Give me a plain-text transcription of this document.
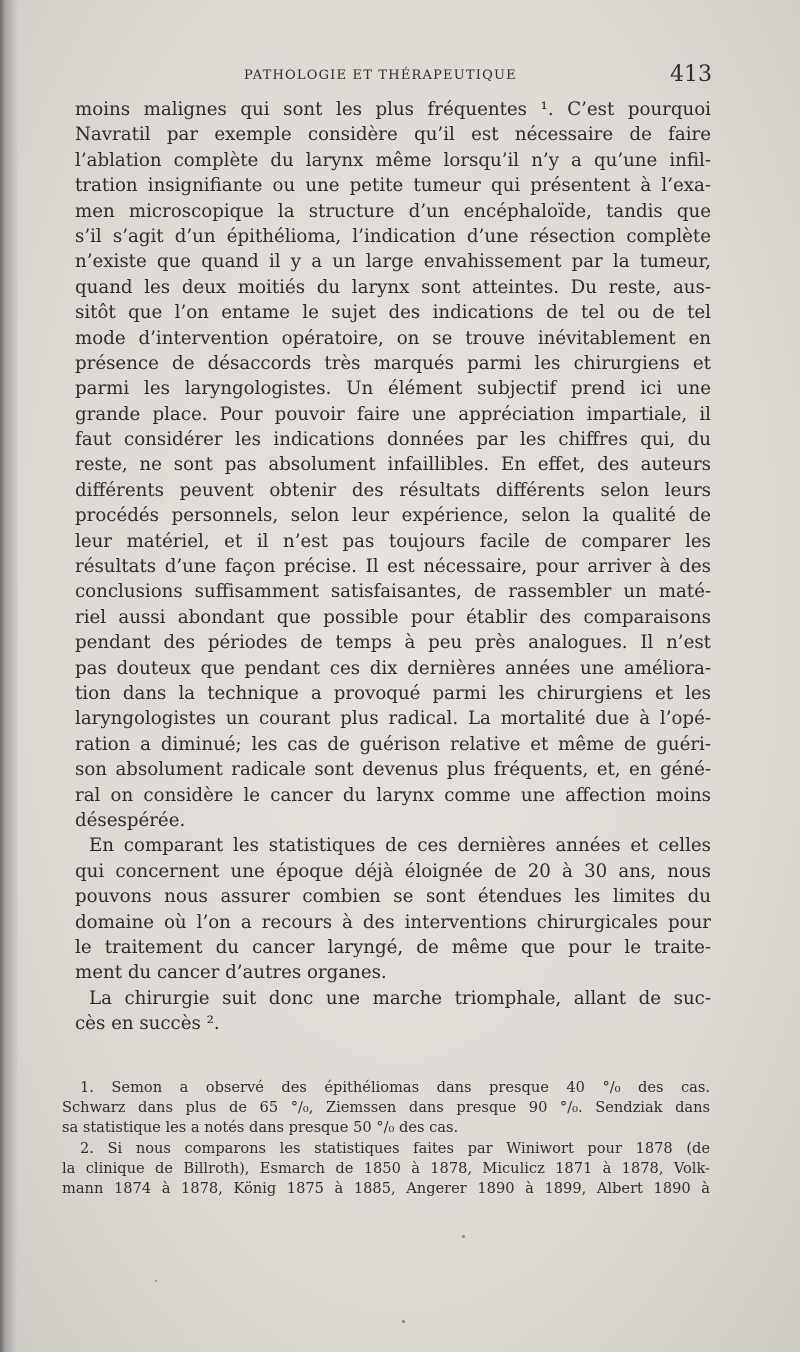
PATHOLOGIE ET THÉRAPEUTIQUE	413
moins malignes qui sont les plus fréquentes ¹. C’est pourquoi
Navratil par exemple considère qu’il est nécessaire de faire
l’ablation complète du larynx même lorsqu’il n’y a qu’une infil-
tration insignifiante ou une petite tumeur qui présentent à l’exa-
men microscopique la structure d’un encéphaloïde, tandis que
s’il s’agit d’un épithélioma, l’indication d’une résection complète
n’existe que quand il y a un large envahissement par la tumeur,
quand les deux moitiés du larynx sont atteintes. Du reste, aus-
sitôt que l’on entame le sujet des indications de tel ou de tel
mode d’intervention opératoire, on se trouve inévitablement en
présence de désaccords très marqués parmi les chirurgiens et
parmi les laryngologistes. Un élément subjectif prend ici une
grande place. Pour pouvoir faire une appréciation impartiale, il
faut considérer les indications données par les chiffres qui, du
reste, ne sont pas absolument infaillibles. En effet, des auteurs
différents peuvent obtenir des résultats différents selon leurs
procédés personnels, selon leur expérience, selon la qualité de
leur matériel, et il n’est pas toujours facile de comparer les
résultats d’une façon précise. Il est nécessaire, pour arriver à des
conclusions suffisamment satisfaisantes, de rassembler un maté-
riel aussi abondant que possible pour établir des comparaisons
pendant des périodes de temps à peu près analogues. Il n’est
pas douteux que pendant ces dix dernières années une améliora-
tion dans la technique a provoqué parmi les chirurgiens et les
laryngologistes un courant plus radical. La mortalité due à l’opé-
ration a diminué; les cas de guérison relative et même de guéri-
son absolument radicale sont devenus plus fréquents, et, en géné-
ral on considère le cancer du larynx comme une affection moins
désespérée.
En comparant les statistiques de ces dernières années et celles
qui concernent une époque déjà éloignée de 20 à 30 ans, nous
pouvons nous assurer combien se sont étendues les limites du
domaine où l’on a recours à des interventions chirurgicales pour
le traitement du cancer laryngé, de même que pour le traite-
ment du cancer d’autres organes.
La chirurgie suit donc une marche triomphale, allant de suc-
cès en succès ².
1. Semon a observé des épithéliomas dans presque 40 °/₀ des cas.
Schwarz dans plus de 65 °/₀, Ziemssen dans presque 90 °/₀. Sendziak dans
sa statistique les a notés dans presque 50 °/₀ des cas.
2. Si nous comparons les statistiques faites par Winiwort pour 1878 (de
la clinique de Billroth), Esmarch de 1850 à 1878, Miculicz 1871 à 1878, Volk-
mann 1874 à 1878, König 1875 à 1885, Angerer 1890 à 1899, Albert 1890 à
